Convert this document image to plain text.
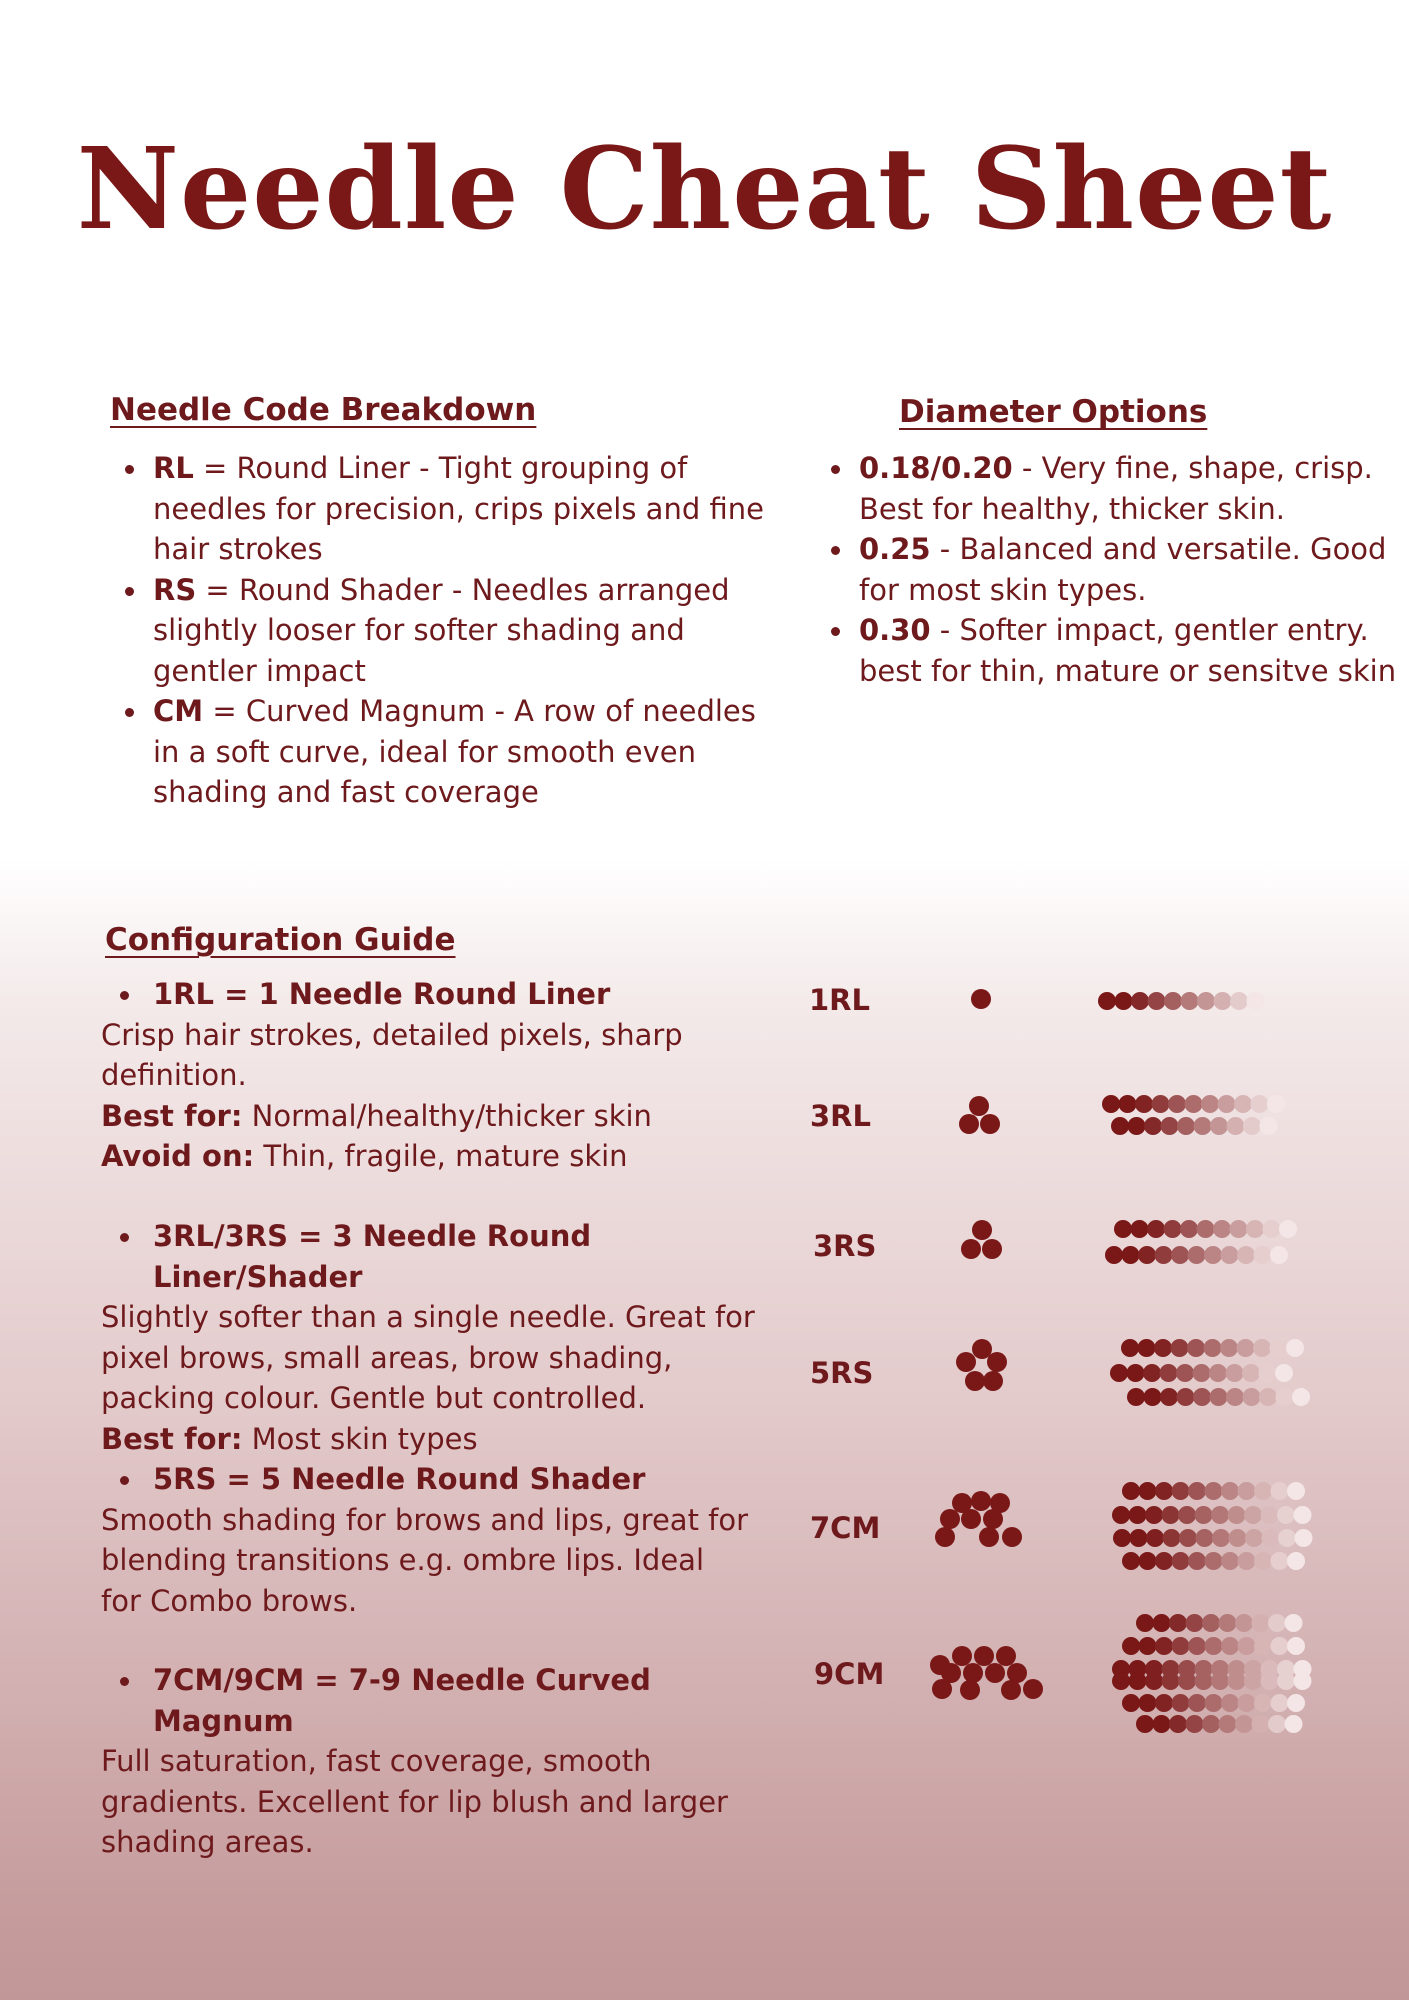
Needle Cheat Sheet
Needle Code Breakdown
RL = Round Liner - Tight grouping of needles for precision, crips pixels and fine hair strokes
RS = Round Shader - Needles arranged slightly looser for softer shading and gentler impact
CM = Curved Magnum - A row of needles in a soft curve, ideal for smooth even shading and fast coverage
Diameter Options
0.18/0.20 - Very fine, shape, crisp. Best for healthy, thicker skin.
0.25 - Balanced and versatile. Good for most skin types.
0.30 - Softer impact, gentler entry. best for thin, mature or sensitve skin
Configuration Guide
1RL = 1 Needle Round Liner

Crisp hair strokes, detailed pixels, sharp definition.

Best for: Normal/healthy/thicker skin

Avoid on: Thin, fragile, mature skin

3RL/3RS = 3 Needle Round Liner/Shader

Slightly softer than a single needle. Great for pixel brows, small areas, brow shading, packing colour. Gentle but controlled.

Best for: Most skin types

5RS = 5 Needle Round Shader

Smooth shading for brows and lips, great for blending transitions e.g. ombre lips. Ideal for Combo brows.

7CM/9CM = 7-9 Needle Curved Magnum

Full saturation, fast coverage, smooth gradients. Excellent for lip blush and larger shading areas.

1RL
3RL
3RS
5RS
7CM
9CM
